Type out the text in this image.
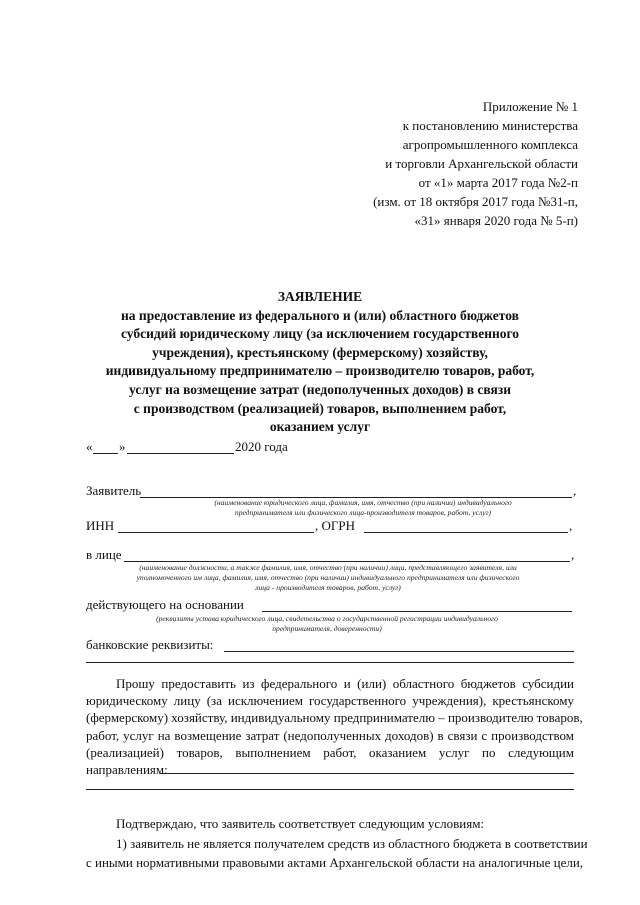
Приложение № 1
к постановлению министерства
агропромышленного комплекса
и торговли Архангельской области
от «1» марта 2017 года №2-п
(изм. от 18 октября 2017 года №31-п,
«31» января 2020 года № 5-п)
ЗАЯВЛЕНИЕ
на предоставление из федерального и (или) областного бюджетов
субсидий юридическому лицу (за исключением государственного
учреждения), крестьянскому (фермерскому) хозяйству,
индивидуальному предпринимателю – производителю товаров, работ,
услуг на возмещение затрат (недополученных доходов) в связи
с производством (реализацией) товаров, выполнением работ,
оказанием услуг
« »	2020 года
Заявитель	,
(наименование юридического лица, фамилия, имя, отчество (при наличии) индивидуального
предпринимателя или физического лица-производителя товаров, работ, услуг)
ИНН	, ОГРН	,
в лице	,
(наименование должности, а также фамилия, имя, отчество (при наличии) лица, представляющего заявителя, или
уполномоченного им лица, фамилия, имя, отчество (при наличии) индивидуального предпринимателя или физического
лица - производителя товаров, работ, услуг)
действующего на основании
(реквизиты устава юридического лица, свидетельства о государственной регистрации индивидуального
предпринимателя, доверенности)
банковские реквизиты:
Прошу предоставить из федерального и (или) областного бюджетов субсидии
юридическому лицу (за исключением государственного учреждения), крестьянскому
(фермерскому) хозяйству, индивидуальному предпринимателю – производителю товаров,
работ, услуг на возмещение затрат (недополученных доходов) в связи с производством
(реализацией) товаров, выполнением работ, оказанием услуг по следующим
направлениям:
Подтверждаю, что заявитель соответствует следующим условиям:
1) заявитель не является получателем средств из областного бюджета в соответствии
с иными нормативными правовыми актами Архангельской области на аналогичные цели,
